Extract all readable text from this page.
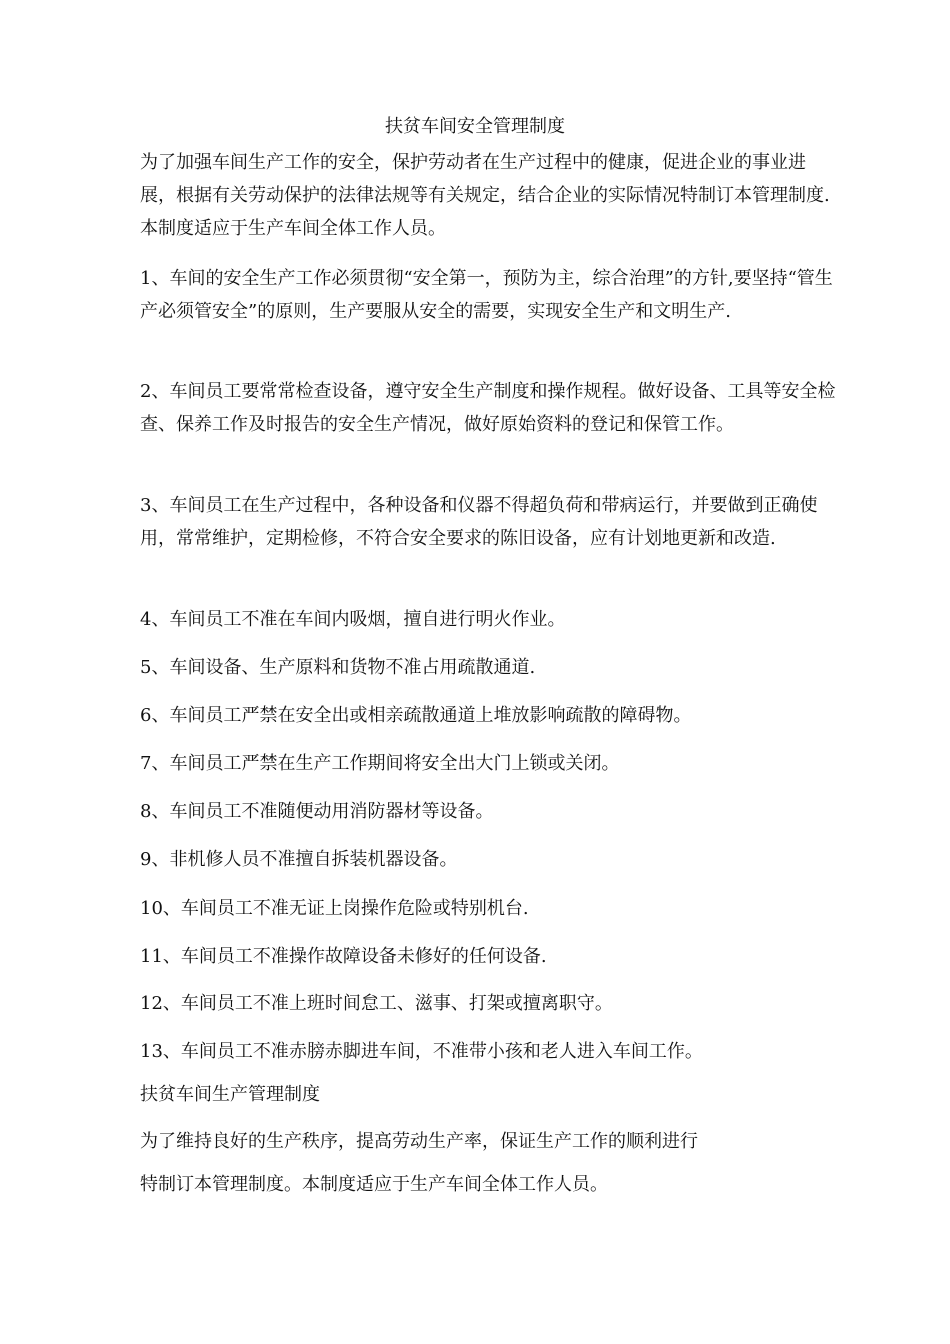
扶贫车间安全管理制度
为了加强车间生产工作的安全，保护劳动者在生产过程中的健康，促进企业的事业进展，根据有关劳动保护的法律法规等有关规定，结合企业的实际情况特制订本管理制度.本制度适应于生产车间全体工作人员。
1、车间的安全生产工作必须贯彻“安全第一，预防为主，综合治理”的方针,要坚持“管生产必须管安全”的原则，生产要服从安全的需要，实现安全生产和文明生产.
2、车间员工要常常检查设备，遵守安全生产制度和操作规程。做好设备、工具等安全检查、保养工作及时报告的安全生产情况，做好原始资料的登记和保管工作。
3、车间员工在生产过程中，各种设备和仪器不得超负荷和带病运行，并要做到正确使用，常常维护，定期检修，不符合安全要求的陈旧设备，应有计划地更新和改造.
4、车间员工不准在车间内吸烟，擅自进行明火作业。
5、车间设备、生产原料和货物不准占用疏散通道.
6、车间员工严禁在安全出或相亲疏散通道上堆放影响疏散的障碍物。
7、车间员工严禁在生产工作期间将安全出大门上锁或关闭。
8、车间员工不准随便动用消防器材等设备。
9、非机修人员不准擅自拆装机器设备。
10、车间员工不准无证上岗操作危险或特别机台.
11、车间员工不准操作故障设备未修好的任何设备.
12、车间员工不准上班时间怠工、滋事、打架或擅离职守。
13、车间员工不准赤膀赤脚进车间，不准带小孩和老人进入车间工作。
扶贫车间生产管理制度
为了维持良好的生产秩序，提高劳动生产率，保证生产工作的顺利进行
特制订本管理制度。本制度适应于生产车间全体工作人员。
